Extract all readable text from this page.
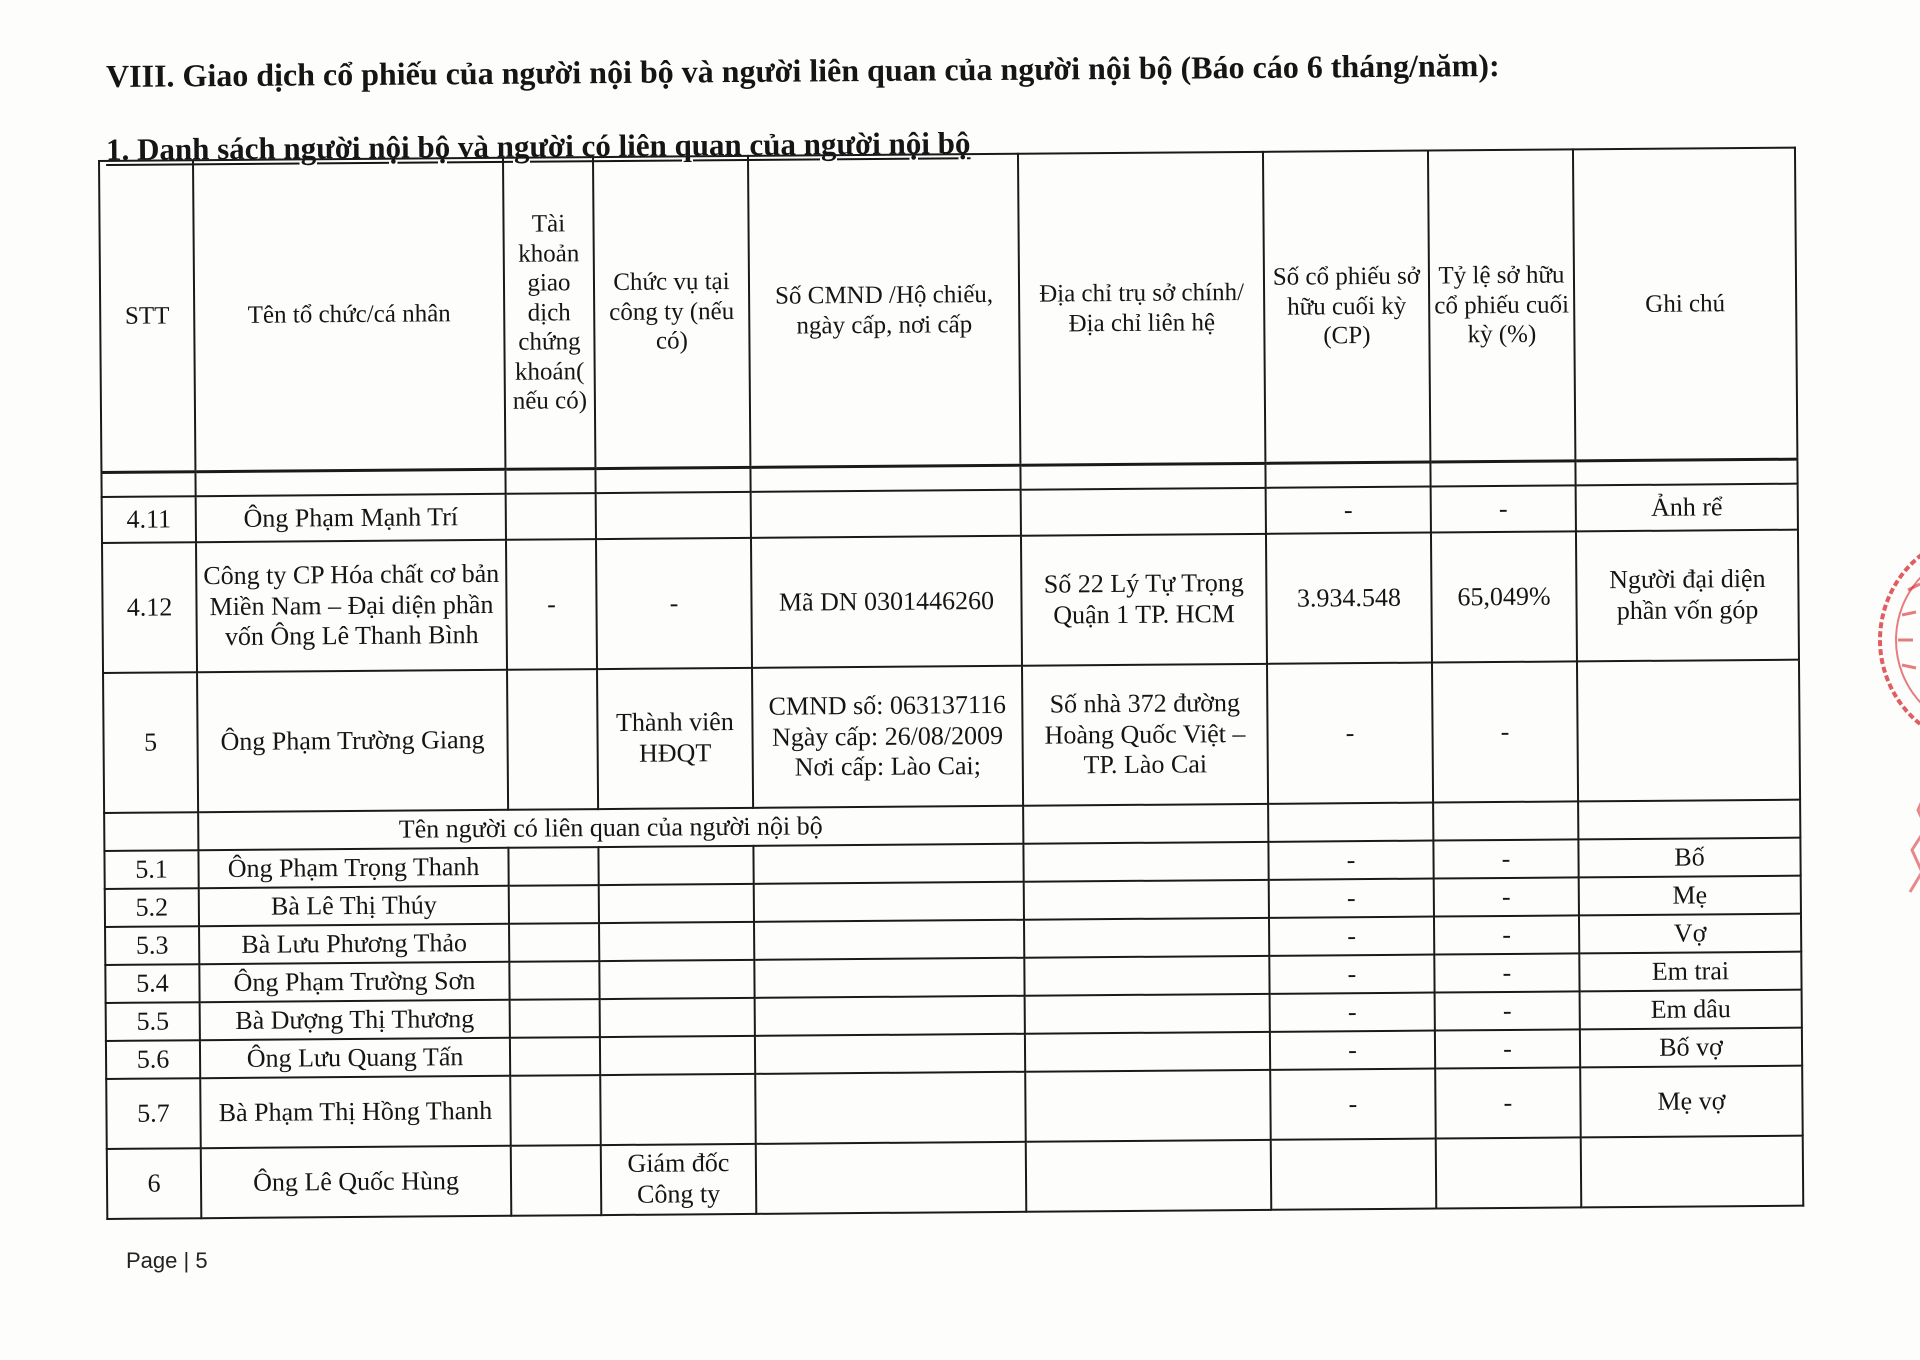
VIII. Giao dịch cổ phiếu của người nội bộ và người liên quan của người nội bộ (Báo cáo 6 tháng/năm):
1. Danh sách người nội bộ và người có liên quan của người nội bộ
STT	Tên tổ chức/cá nhân	Tài khoản giao dịch chứng khoán( nếu có)	Chức vụ tại công ty (nếu có)	Số CMND /Hộ chiếu, ngày cấp, nơi cấp	Địa chỉ trụ sở chính/ Địa chỉ liên hệ	Số cổ phiếu sở hữu cuối kỳ (CP)	Tỷ lệ sở hữu cổ phiếu cuối kỳ (%)	Ghi chú

4.11	Ông Phạm Mạnh Trí					-	-	Ảnh rể
4.12	Công ty CP Hóa chất cơ bản Miền Nam – Đại diện phần vốn Ông Lê Thanh Bình	-	-	Mã DN 0301446260	Số 22 Lý Tự Trọng Quận 1 TP. HCM	3.934.548	65,049%	Người đại diện phần vốn góp
5	Ông Phạm Trường Giang		Thành viên HĐQT	CMND số: 063137116 Ngày cấp: 26/08/2009 Nơi cấp: Lào Cai;	Số nhà 372 đường Hoàng Quốc Việt – TP. Lào Cai	-	-	
	Tên người có liên quan của người nội bộ							
5.1	Ông Phạm Trọng Thanh					-	-	Bố
5.2	Bà Lê Thị Thúy					-	-	Mẹ
5.3	Bà Lưu Phương Thảo					-	-	Vợ
5.4	Ông Phạm Trường Sơn					-	-	Em trai
5.5	Bà Dượng Thị Thương					-	-	Em dâu
5.6	Ông Lưu Quang Tấn					-	-	Bố vợ
5.7	Bà Phạm Thị Hồng Thanh					-	-	Mẹ vợ
6	Ông Lê Quốc Hùng		Giám đốc Công ty					
Page | 5
